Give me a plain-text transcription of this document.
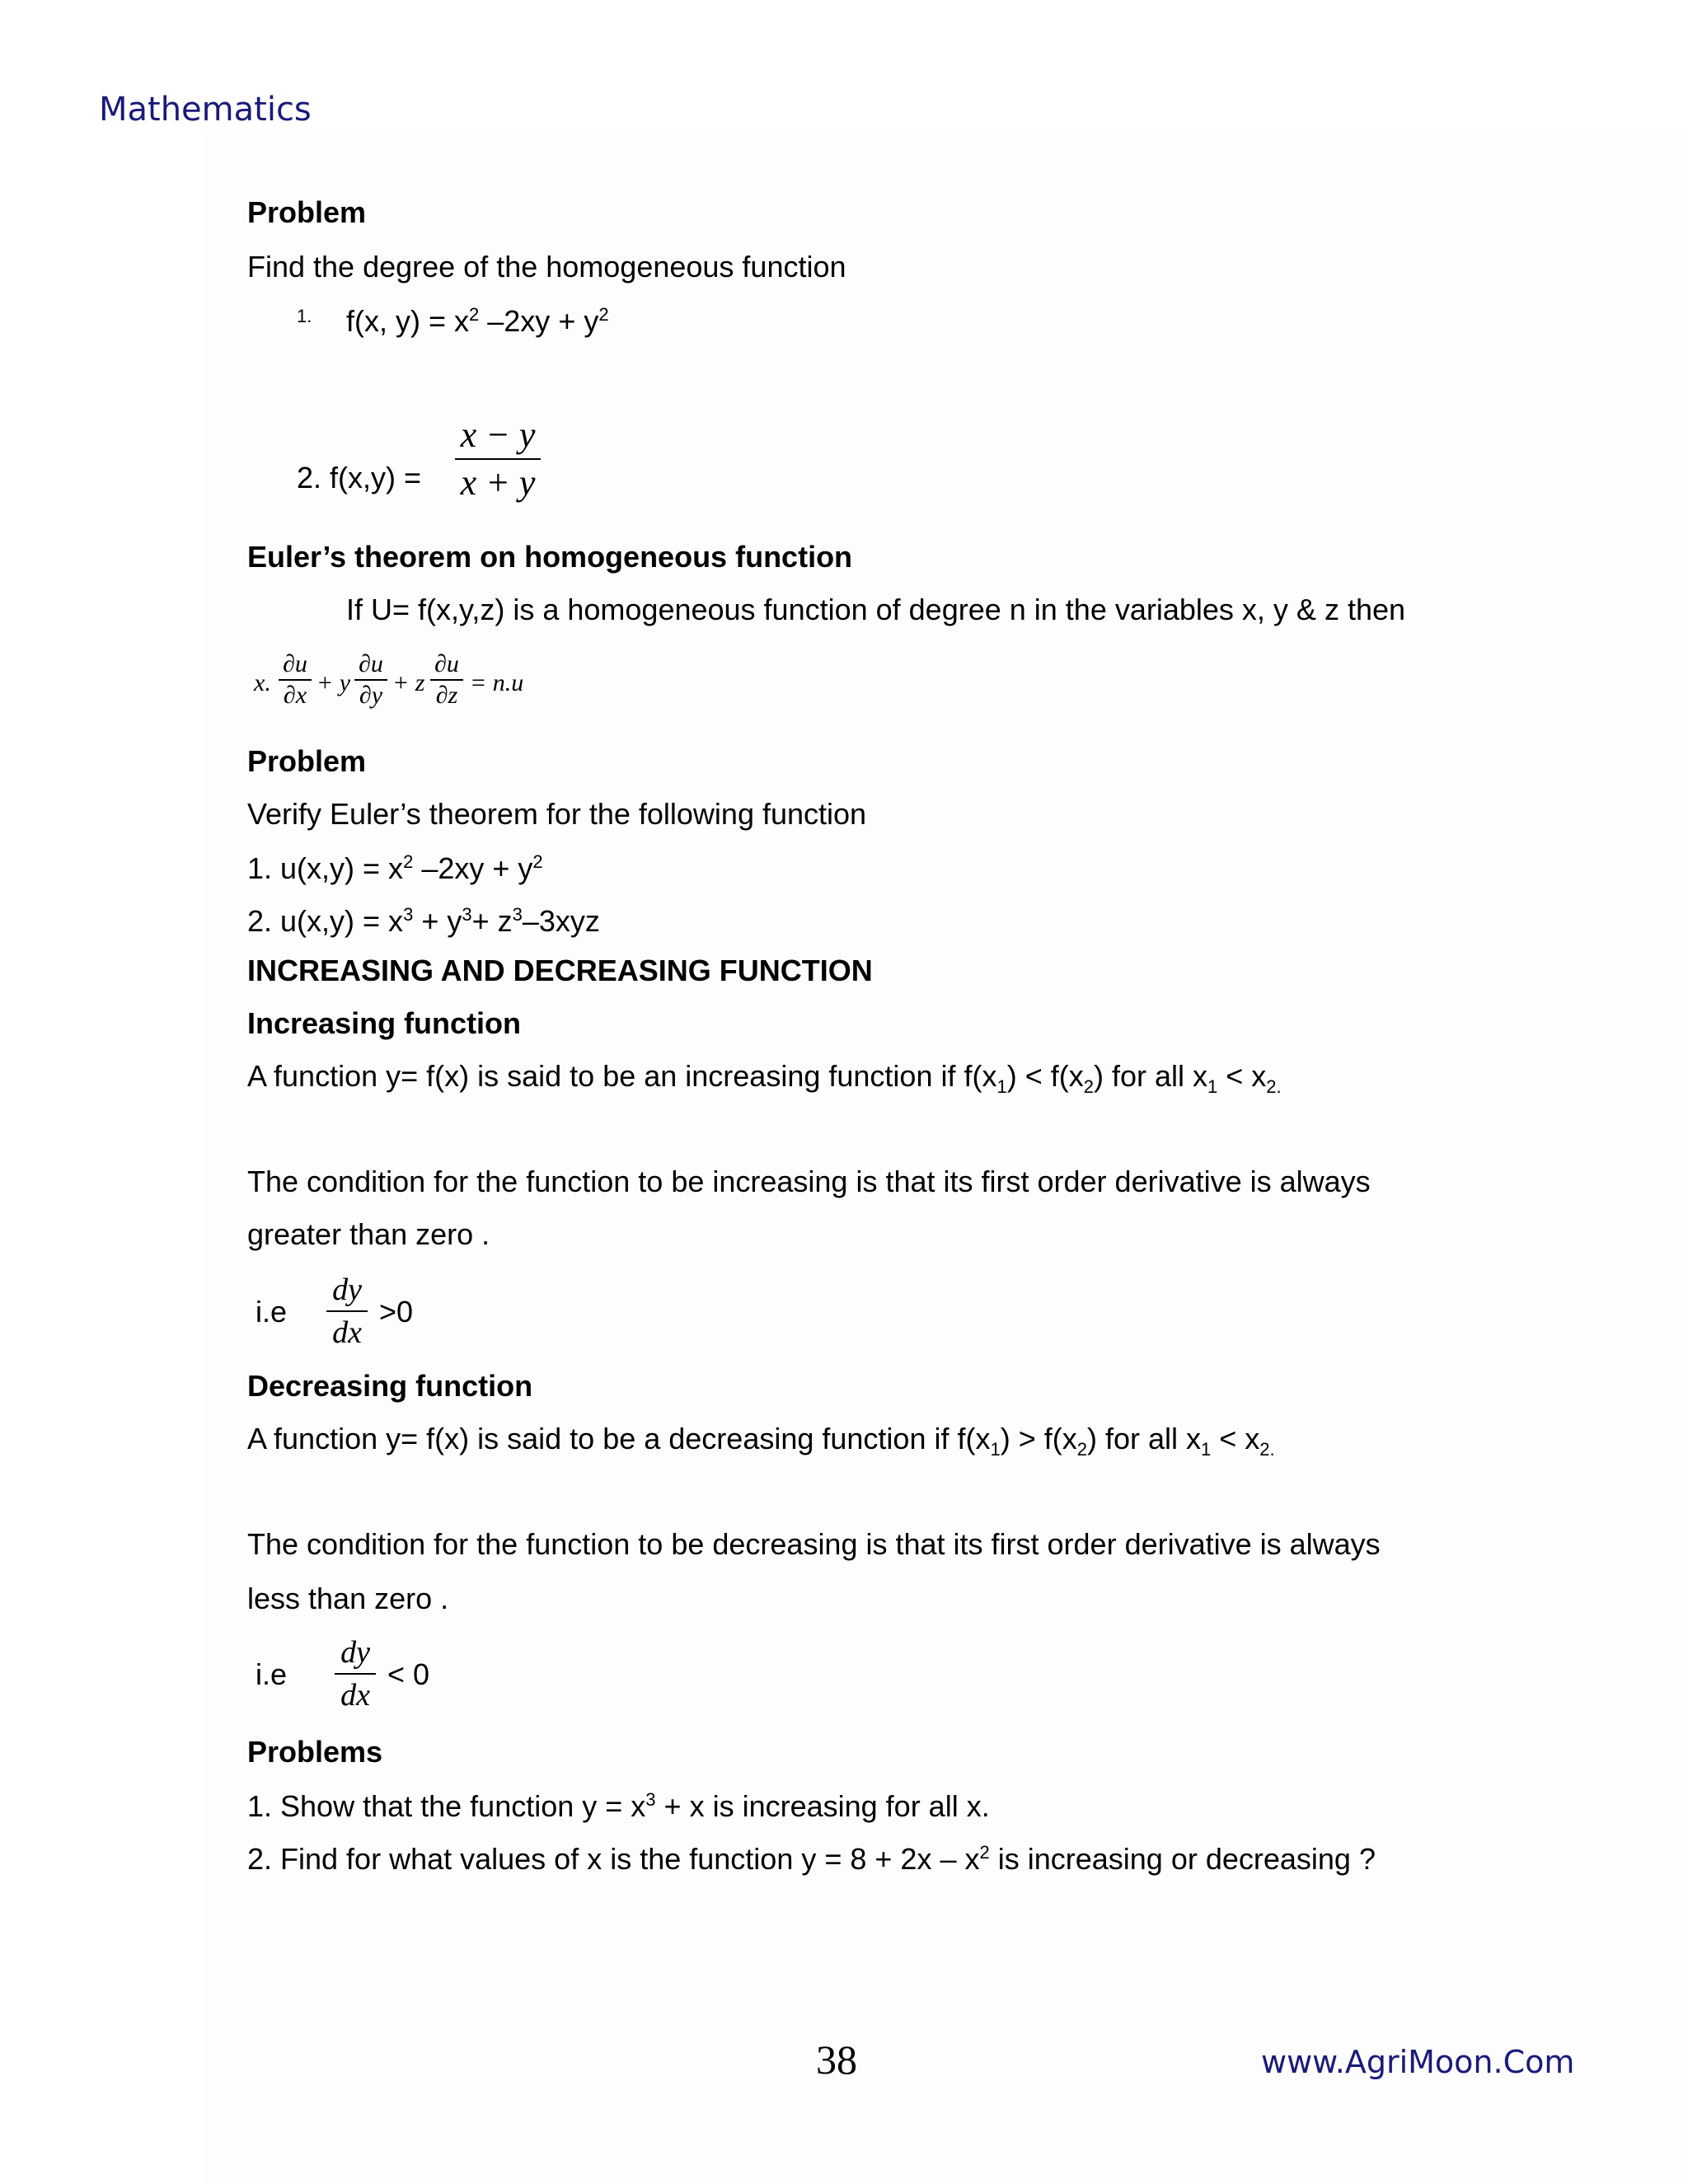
Mathematics
Problem
Find the degree of the homogeneous function
1. f(x, $y) = x^2$ $-2xy + y^2$
2. f(x,y) =
x − y
x + y
Euler’s theorem on homogeneous function
If U= f(x,y,z) is a homogeneous function of degree n in the variables x, y & z then
x.
∂u
∂x + y
∂u
∂y + z
∂u
∂z = n.u
Problem
Verify Euler’s theorem for the following function
1. $u(x,y) = x^2$ $-2xy + y^2$
2. $u(x,y) = x^3 + y^3+ z^3-3xyz$
INCREASING AND DECREASING FUNCTION
Increasing function
A function y= f(x) is said to be an increasing function if $f(x_1) < f(x_2)$ for all $x_1 < x_{2.}$
The condition for the function to be increasing is that its first order derivative is always
greater than zero .
i.e
dy
dx
>0
Decreasing function
A function y= f(x) is said to be a decreasing function if $f(x_1) > f(x_2)$ for all $x_1 < x_{2.}$
The condition for the function to be decreasing is that its first order derivative is always
less than zero .
i.e
dy
dx
< 0
Problems
1. Show that the function $y = x^3 + x$ is increasing for all x.
2. Find for what values of x is the function $y = 8 + 2x - x^2$ is increasing or decreasing ?
38	www.AgriMoon.Com
